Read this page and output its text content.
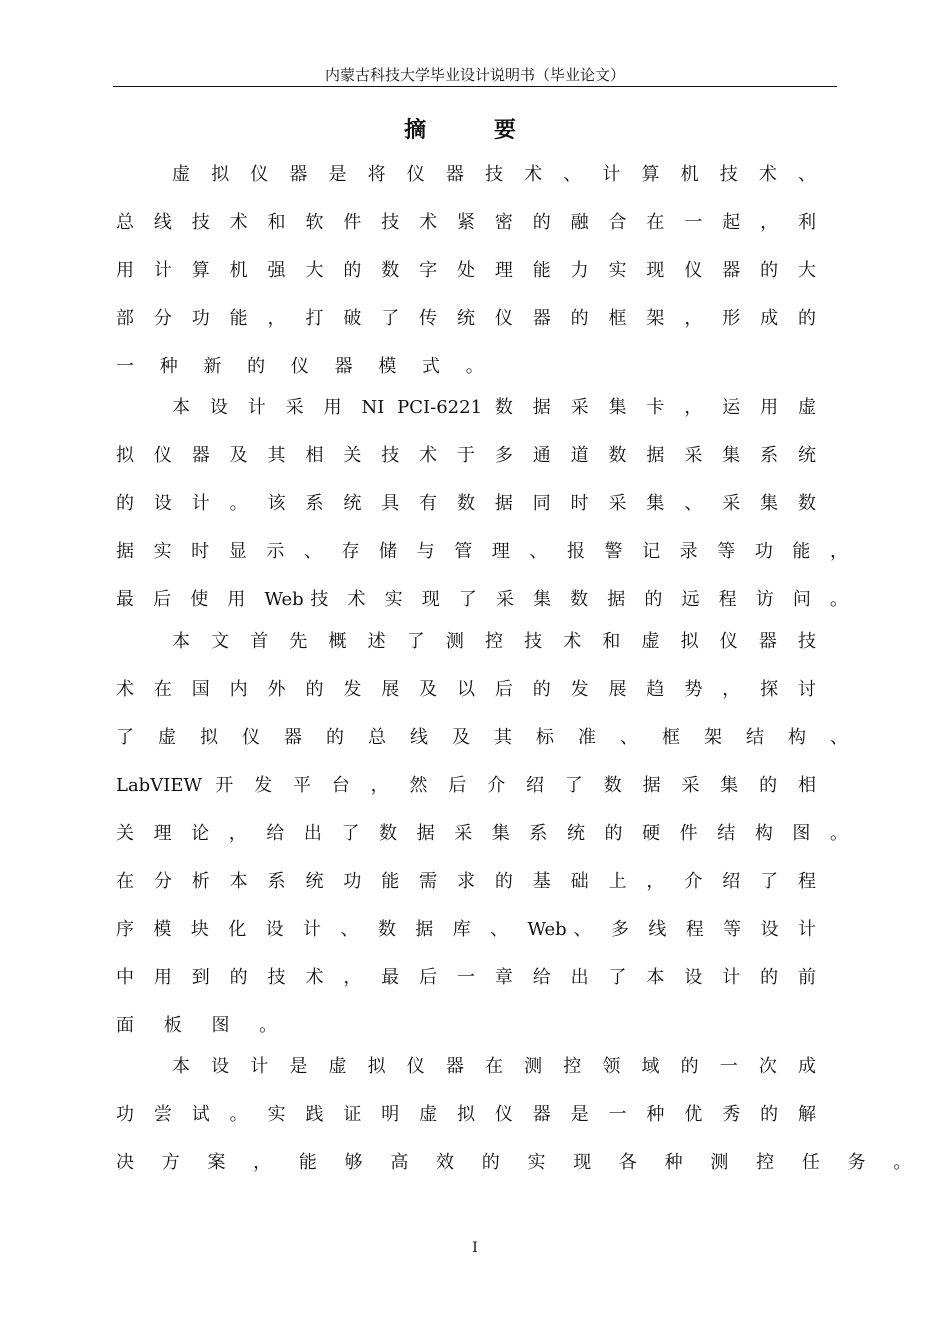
内蒙古科技大学毕业设计说明书（毕业论文）
摘 要
虚 拟 仪 器 是 将 仪 器 技 术 、 计 算 机 技 术 、
总 线 技 术 和 软 件 技 术 紧 密 的 融 合 在 一 起 ， 利
用 计 算 机 强 大 的 数 字 处 理 能 力 实 现 仪 器 的 大
部 分 功 能 ， 打 破 了 传 统 仪 器 的 框 架 ， 形 成 的
一 种 新 的 仪 器 模 式 。
本 设 计 采 用 NI PCI-6221 数 据 采 集 卡 ， 运 用 虚
拟 仪 器 及 其 相 关 技 术 于 多 通 道 数 据 采 集 系 统
的 设 计 。 该 系 统 具 有 数 据 同 时 采 集 、 采 集 数
据 实 时 显 示 、 存 储 与 管 理 、 报 警 记 录 等 功 能 ，
最 后 使 用 Web技 术 实 现 了 采 集 数 据 的 远 程 访 问 。
本 文 首 先 概 述 了 测 控 技 术 和 虚 拟 仪 器 技
术 在 国 内 外 的 发 展 及 以 后 的 发 展 趋 势 ， 探 讨
了 虚 拟 仪 器 的 总 线 及 其 标 准 、 框 架 结 构 、
LabVIEW 开 发 平 台 ， 然 后 介 绍 了 数 据 采 集 的 相
关 理 论 ， 给 出 了 数 据 采 集 系 统 的 硬 件 结 构 图 。
在 分 析 本 系 统 功 能 需 求 的 基 础 上 ， 介 绍 了 程
序 模 块 化 设 计 、 数 据 库 、 Web、 多 线 程 等 设 计
中 用 到 的 技 术 ， 最 后 一 章 给 出 了 本 设 计 的 前
面 板 图 。
本 设 计 是 虚 拟 仪 器 在 测 控 领 域 的 一 次 成
功 尝 试 。 实 践 证 明 虚 拟 仪 器 是 一 种 优 秀 的 解
决 方 案 ， 能 够 高 效 的 实 现 各 种 测 控 任 务 。
I
